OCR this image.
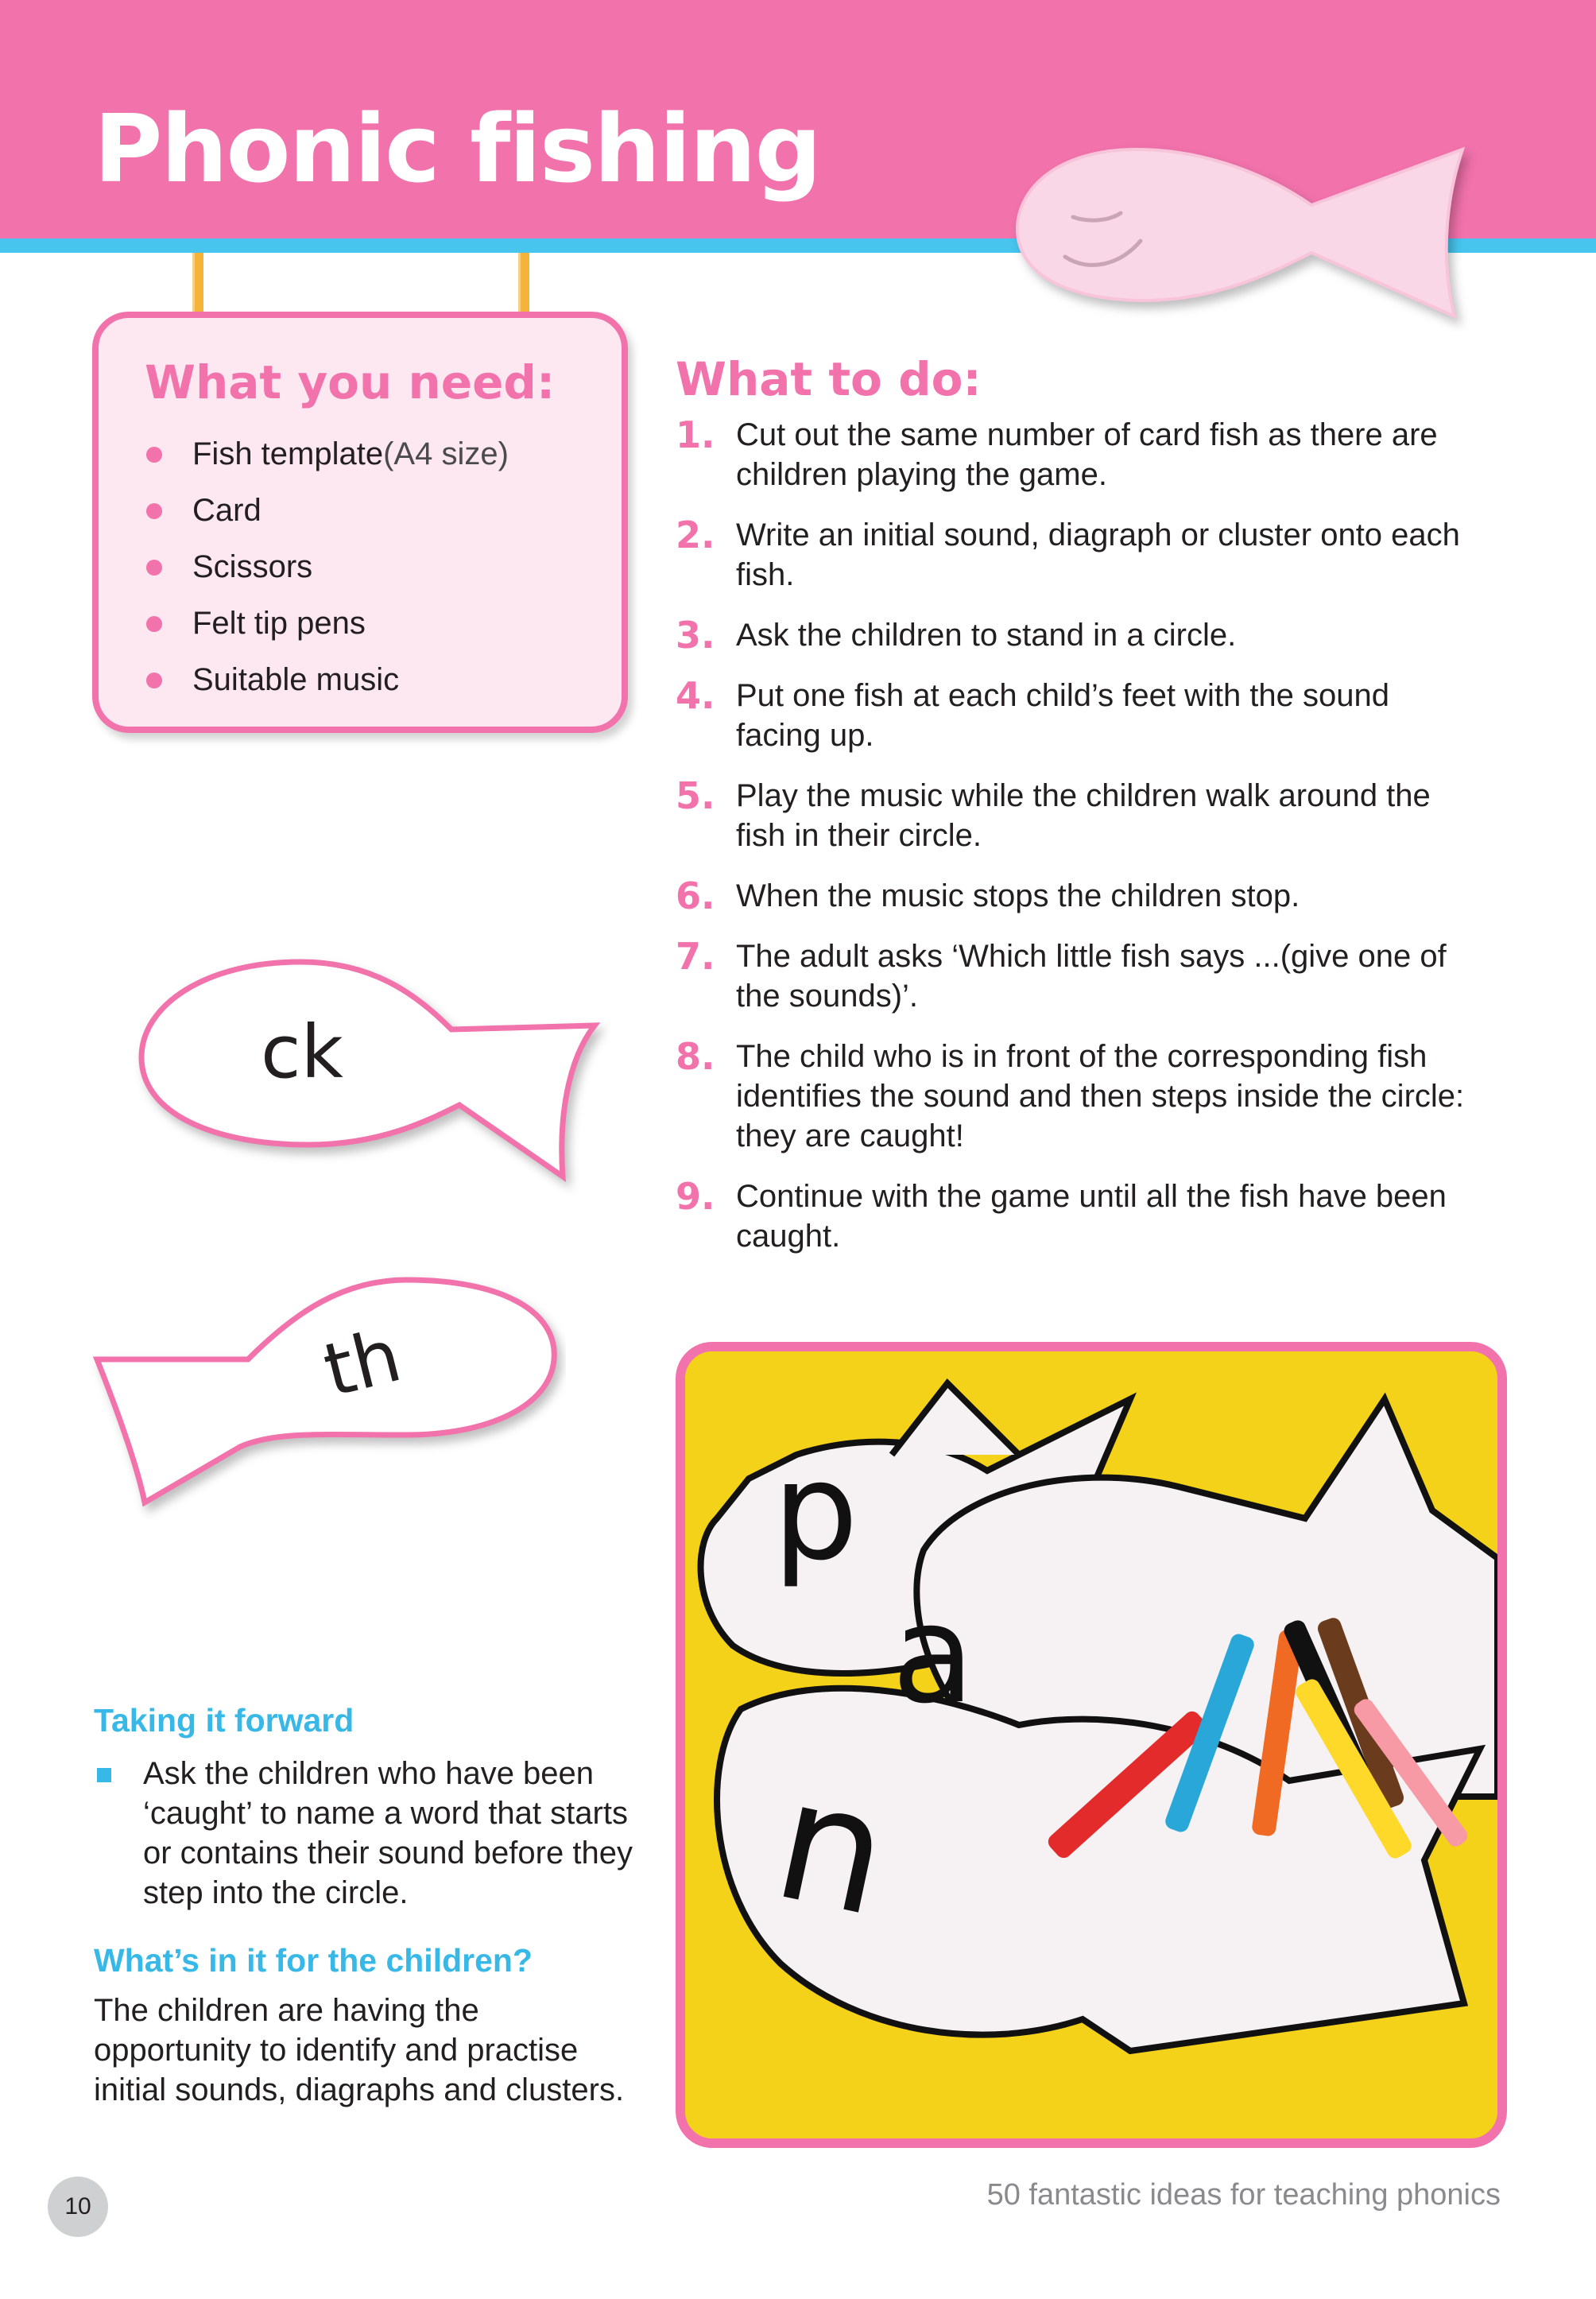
Phonic fishing
What you need:
Fish template (A4 size)
Card
Scissors
Felt tip pens
Suitable music
What to do:
1. Cut out the same number of card fish as there are children playing the game.
2. Write an initial sound, diagraph or cluster onto each fish.
3. Ask the children to stand in a circle.
4. Put one fish at each child’s feet with the sound facing up.
5. Play the music while the children walk around the fish in their circle.
6. When the music stops the children stop.
7. The adult asks ‘Which little fish says ...(give one of the sounds)’.
8. The child who is in front of the corresponding fish identifies the sound and then steps inside the circle: they are caught!
9. Continue with the game until all the fish have been caught.
ck
th
Taking it forward
Ask the children who have been ‘caught’ to name a word that starts or contains their sound before they step into the circle.
What’s in it for the children?

The children are having the opportunity to identify and practise initial sounds, diagraphs and clusters.

p
a
n
10	50 fantastic ideas for teaching phonics
